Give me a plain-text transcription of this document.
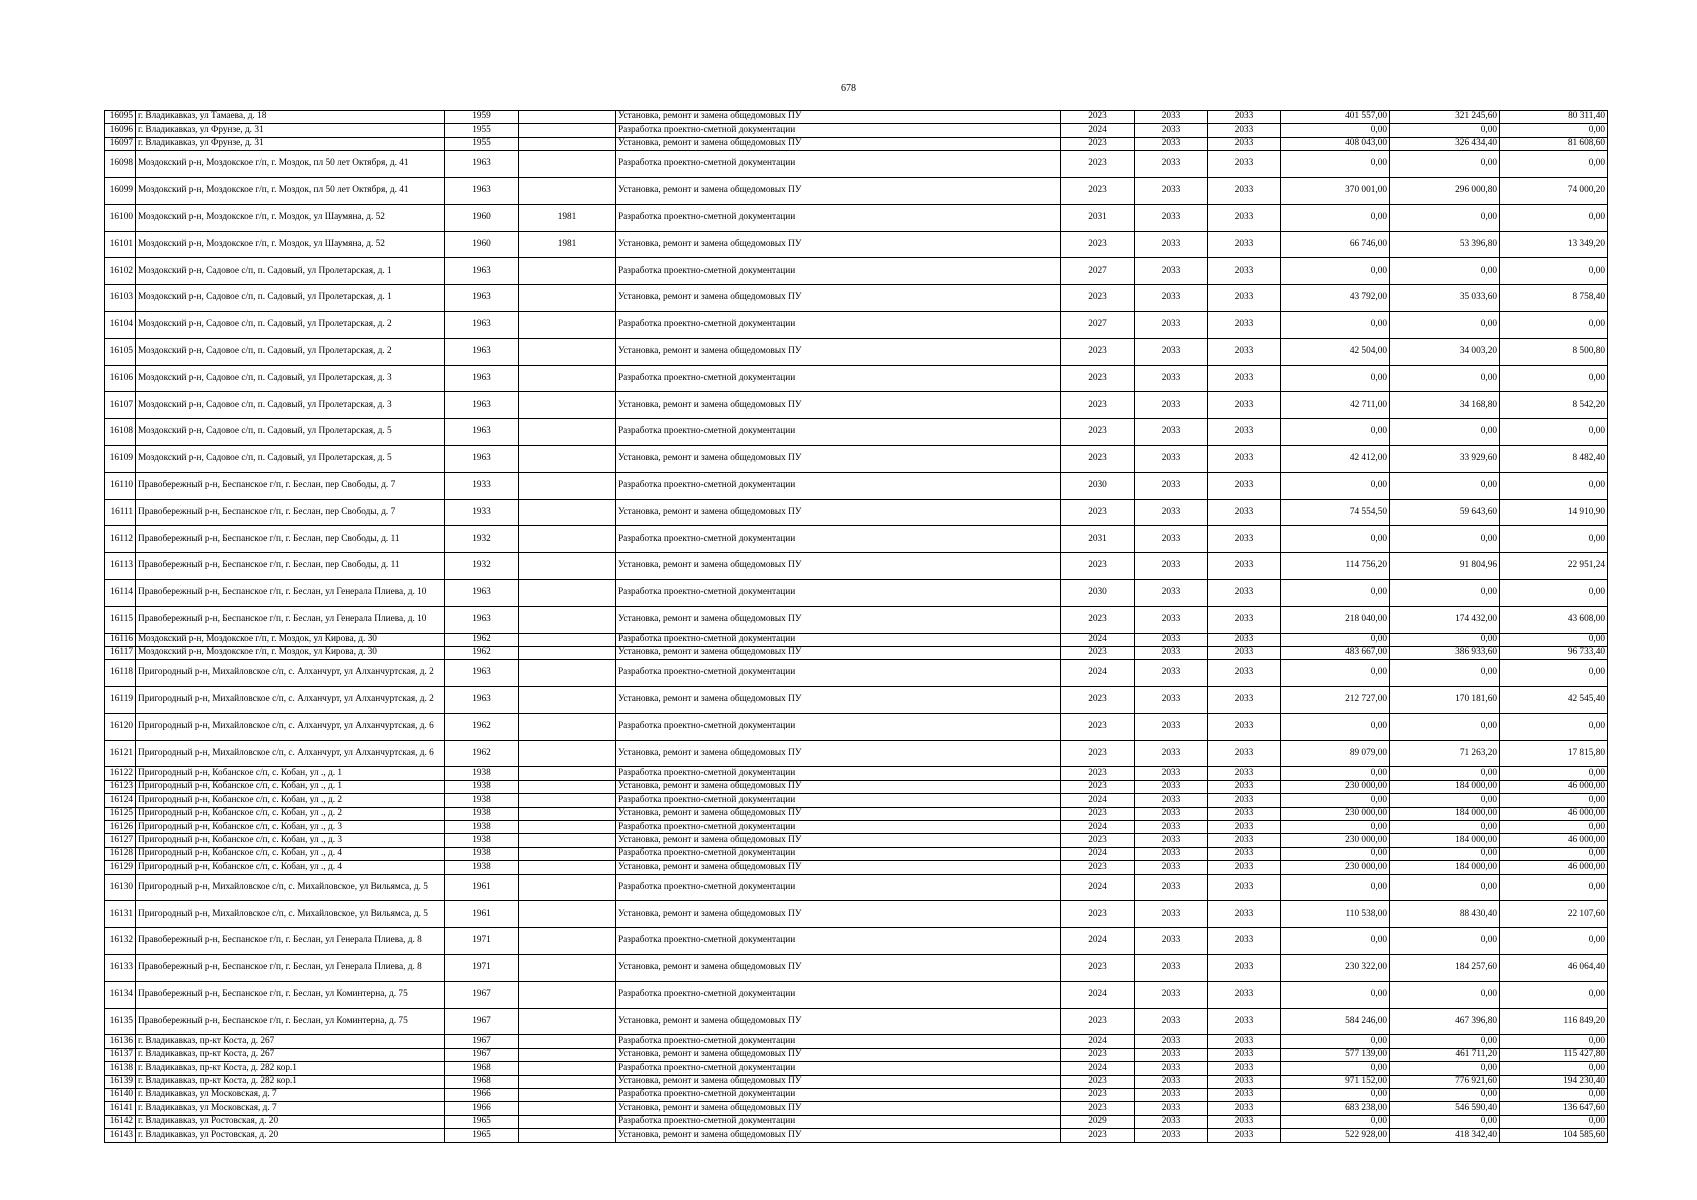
678
16095	г. Владикавказ, ул Тамаева, д. 18	1959		Установка, ремонт и замена общедомовых ПУ	2023	2033	2033	401 557,00	321 245,60	80 311,40
16096	г. Владикавказ, ул Фрунзе, д. 31	1955		Разработка проектно-сметной документации	2024	2033	2033	0,00	0,00	0,00
16097	г. Владикавказ, ул Фрунзе, д. 31	1955		Установка, ремонт и замена общедомовых ПУ	2023	2033	2033	408 043,00	326 434,40	81 608,60
16098	Моздокский р-н, Моздокское г/п, г. Моздок, пл 50 лет Октября, д. 41	1963		Разработка проектно-сметной документации	2023	2033	2033	0,00	0,00	0,00
16099	Моздокский р-н, Моздокское г/п, г. Моздок, пл 50 лет Октября, д. 41	1963		Установка, ремонт и замена общедомовых ПУ	2023	2033	2033	370 001,00	296 000,80	74 000,20
16100	Моздокский р-н, Моздокское г/п, г. Моздок, ул Шаумяна, д. 52	1960	1981	Разработка проектно-сметной документации	2031	2033	2033	0,00	0,00	0,00
16101	Моздокский р-н, Моздокское г/п, г. Моздок, ул Шаумяна, д. 52	1960	1981	Установка, ремонт и замена общедомовых ПУ	2023	2033	2033	66 746,00	53 396,80	13 349,20
16102	Моздокский р-н, Садовое с/п, п. Садовый, ул Пролетарская, д. 1	1963		Разработка проектно-сметной документации	2027	2033	2033	0,00	0,00	0,00
16103	Моздокский р-н, Садовое с/п, п. Садовый, ул Пролетарская, д. 1	1963		Установка, ремонт и замена общедомовых ПУ	2023	2033	2033	43 792,00	35 033,60	8 758,40
16104	Моздокский р-н, Садовое с/п, п. Садовый, ул Пролетарская, д. 2	1963		Разработка проектно-сметной документации	2027	2033	2033	0,00	0,00	0,00
16105	Моздокский р-н, Садовое с/п, п. Садовый, ул Пролетарская, д. 2	1963		Установка, ремонт и замена общедомовых ПУ	2023	2033	2033	42 504,00	34 003,20	8 500,80
16106	Моздокский р-н, Садовое с/п, п. Садовый, ул Пролетарская, д. 3	1963		Разработка проектно-сметной документации	2023	2033	2033	0,00	0,00	0,00
16107	Моздокский р-н, Садовое с/п, п. Садовый, ул Пролетарская, д. 3	1963		Установка, ремонт и замена общедомовых ПУ	2023	2033	2033	42 711,00	34 168,80	8 542,20
16108	Моздокский р-н, Садовое с/п, п. Садовый, ул Пролетарская, д. 5	1963		Разработка проектно-сметной документации	2023	2033	2033	0,00	0,00	0,00
16109	Моздокский р-н, Садовое с/п, п. Садовый, ул Пролетарская, д. 5	1963		Установка, ремонт и замена общедомовых ПУ	2023	2033	2033	42 412,00	33 929,60	8 482,40
16110	Правобережный р-н, Беспанское г/п, г. Беслан, пер Свободы, д. 7	1933		Разработка проектно-сметной документации	2030	2033	2033	0,00	0,00	0,00
16111	Правобережный р-н, Беспанское г/п, г. Беслан, пер Свободы, д. 7	1933		Установка, ремонт и замена общедомовых ПУ	2023	2033	2033	74 554,50	59 643,60	14 910,90
16112	Правобережный р-н, Беспанское г/п, г. Беслан, пер Свободы, д. 11	1932		Разработка проектно-сметной документации	2031	2033	2033	0,00	0,00	0,00
16113	Правобережный р-н, Беспанское г/п, г. Беслан, пер Свободы, д. 11	1932		Установка, ремонт и замена общедомовых ПУ	2023	2033	2033	114 756,20	91 804,96	22 951,24
16114	Правобережный р-н, Беспанское г/п, г. Беслан, ул Генерала Плиева, д. 10	1963		Разработка проектно-сметной документации	2030	2033	2033	0,00	0,00	0,00
16115	Правобережный р-н, Беспанское г/п, г. Беслан, ул Генерала Плиева, д. 10	1963		Установка, ремонт и замена общедомовых ПУ	2023	2033	2033	218 040,00	174 432,00	43 608,00
16116	Моздокский р-н, Моздокское г/п, г. Моздок, ул Кирова, д. 30	1962		Разработка проектно-сметной документации	2024	2033	2033	0,00	0,00	0,00
16117	Моздокский р-н, Моздокское г/п, г. Моздок, ул Кирова, д. 30	1962		Установка, ремонт и замена общедомовых ПУ	2023	2033	2033	483 667,00	386 933,60	96 733,40
16118	Пригородный р-н, Михайловское с/п, с. Алханчурт, ул Алханчуртская, д. 2	1963		Разработка проектно-сметной документации	2024	2033	2033	0,00	0,00	0,00
16119	Пригородный р-н, Михайловское с/п, с. Алханчурт, ул Алханчуртская, д. 2	1963		Установка, ремонт и замена общедомовых ПУ	2023	2033	2033	212 727,00	170 181,60	42 545,40
16120	Пригородный р-н, Михайловское с/п, с. Алханчурт, ул Алханчуртская, д. 6	1962		Разработка проектно-сметной документации	2023	2033	2033	0,00	0,00	0,00
16121	Пригородный р-н, Михайловское с/п, с. Алханчурт, ул Алханчуртская, д. 6	1962		Установка, ремонт и замена общедомовых ПУ	2023	2033	2033	89 079,00	71 263,20	17 815,80
16122	Пригородный р-н, Кобанское с/п, с. Кобан, ул ., д. 1	1938		Разработка проектно-сметной документации	2023	2033	2033	0,00	0,00	0,00
16123	Пригородный р-н, Кобанское с/п, с. Кобан, ул ., д. 1	1938		Установка, ремонт и замена общедомовых ПУ	2023	2033	2033	230 000,00	184 000,00	46 000,00
16124	Пригородный р-н, Кобанское с/п, с. Кобан, ул ., д. 2	1938		Разработка проектно-сметной документации	2024	2033	2033	0,00	0,00	0,00
16125	Пригородный р-н, Кобанское с/п, с. Кобан, ул ., д. 2	1938		Установка, ремонт и замена общедомовых ПУ	2023	2033	2033	230 000,00	184 000,00	46 000,00
16126	Пригородный р-н, Кобанское с/п, с. Кобан, ул ., д. 3	1938		Разработка проектно-сметной документации	2024	2033	2033	0,00	0,00	0,00
16127	Пригородный р-н, Кобанское с/п, с. Кобан, ул ., д. 3	1938		Установка, ремонт и замена общедомовых ПУ	2023	2033	2033	230 000,00	184 000,00	46 000,00
16128	Пригородный р-н, Кобанское с/п, с. Кобан, ул ., д. 4	1938		Разработка проектно-сметной документации	2024	2033	2033	0,00	0,00	0,00
16129	Пригородный р-н, Кобанское с/п, с. Кобан, ул ., д. 4	1938		Установка, ремонт и замена общедомовых ПУ	2023	2033	2033	230 000,00	184 000,00	46 000,00
16130	Пригородный р-н, Михайловское с/п, с. Михайловское, ул Вильямса, д. 5	1961		Разработка проектно-сметной документации	2024	2033	2033	0,00	0,00	0,00
16131	Пригородный р-н, Михайловское с/п, с. Михайловское, ул Вильямса, д. 5	1961		Установка, ремонт и замена общедомовых ПУ	2023	2033	2033	110 538,00	88 430,40	22 107,60
16132	Правобережный р-н, Беспанское г/п, г. Беслан, ул Генерала Плиева, д. 8	1971		Разработка проектно-сметной документации	2024	2033	2033	0,00	0,00	0,00
16133	Правобережный р-н, Беспанское г/п, г. Беслан, ул Генерала Плиева, д. 8	1971		Установка, ремонт и замена общедомовых ПУ	2023	2033	2033	230 322,00	184 257,60	46 064,40
16134	Правобережный р-н, Беспанское г/п, г. Беслан, ул Коминтерна, д. 75	1967		Разработка проектно-сметной документации	2024	2033	2033	0,00	0,00	0,00
16135	Правобережный р-н, Беспанское г/п, г. Беслан, ул Коминтерна, д. 75	1967		Установка, ремонт и замена общедомовых ПУ	2023	2033	2033	584 246,00	467 396,80	116 849,20
16136	г. Владикавказ, пр-кт Коста, д. 267	1967		Разработка проектно-сметной документации	2024	2033	2033	0,00	0,00	0,00
16137	г. Владикавказ, пр-кт Коста, д. 267	1967		Установка, ремонт и замена общедомовых ПУ	2023	2033	2033	577 139,00	461 711,20	115 427,80
16138	г. Владикавказ, пр-кт Коста, д. 282 кор.1	1968		Разработка проектно-сметной документации	2024	2033	2033	0,00	0,00	0,00
16139	г. Владикавказ, пр-кт Коста, д. 282 кор.1	1968		Установка, ремонт и замена общедомовых ПУ	2023	2033	2033	971 152,00	776 921,60	194 230,40
16140	г. Владикавказ, ул Московская, д. 7	1966		Разработка проектно-сметной документации	2023	2033	2033	0,00	0,00	0,00
16141	г. Владикавказ, ул Московская, д. 7	1966		Установка, ремонт и замена общедомовых ПУ	2023	2033	2033	683 238,00	546 590,40	136 647,60
16142	г. Владикавказ, ул Ростовская, д. 20	1965		Разработка проектно-сметной документации	2029	2033	2033	0,00	0,00	0,00
16143	г. Владикавказ, ул Ростовская, д. 20	1965		Установка, ремонт и замена общедомовых ПУ	2023	2033	2033	522 928,00	418 342,40	104 585,60
